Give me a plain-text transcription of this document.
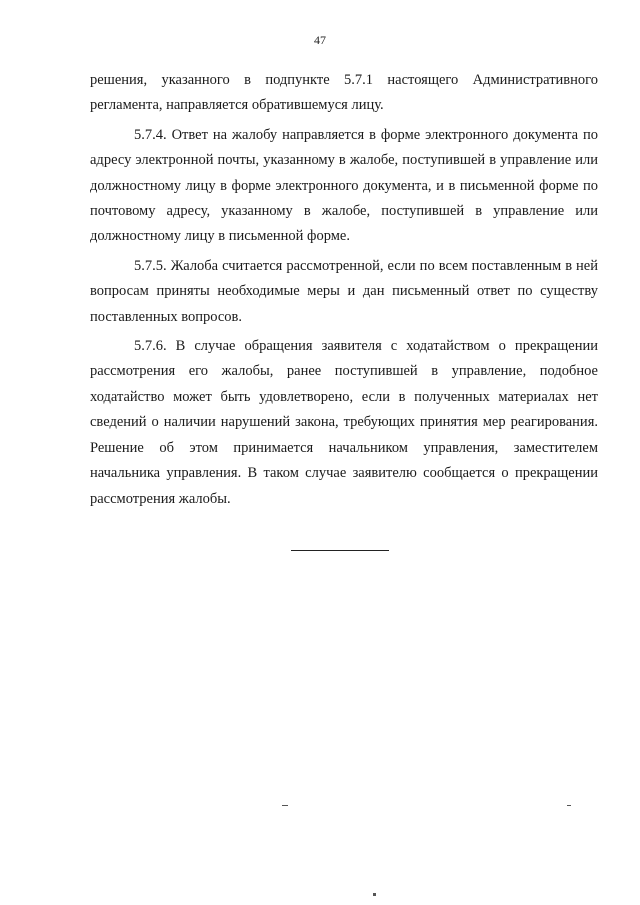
47

решения, указанного в подпункте 5.7.1 настоящего Административного регламента, направляется обратившемуся лицу.

5.7.4. Ответ на жалобу направляется в форме электронного документа по адресу электронной почты, указанному в жалобе, поступившей в управление или должностному лицу в форме электронного документа, и в письменной форме по почтовому адресу, указанному в жалобе, поступившей в управление или должностному лицу в письменной форме.

5.7.5. Жалоба считается рассмотренной, если по всем поставленным в ней вопросам приняты необходимые меры и дан письменный ответ по существу поставленных вопросов.

5.7.6. В случае обращения заявителя с ходатайством о прекращении рассмотрения его жалобы, ранее поступившей в управление, подобное ходатайство может быть удовлетворено, если в полученных материалах нет сведений о наличии нарушений закона, требующих принятия мер реагирования. Решение об этом принимается начальником управления, заместителем начальника управления. В таком случае заявителю сообщается о прекращении рассмотрения жалобы.
